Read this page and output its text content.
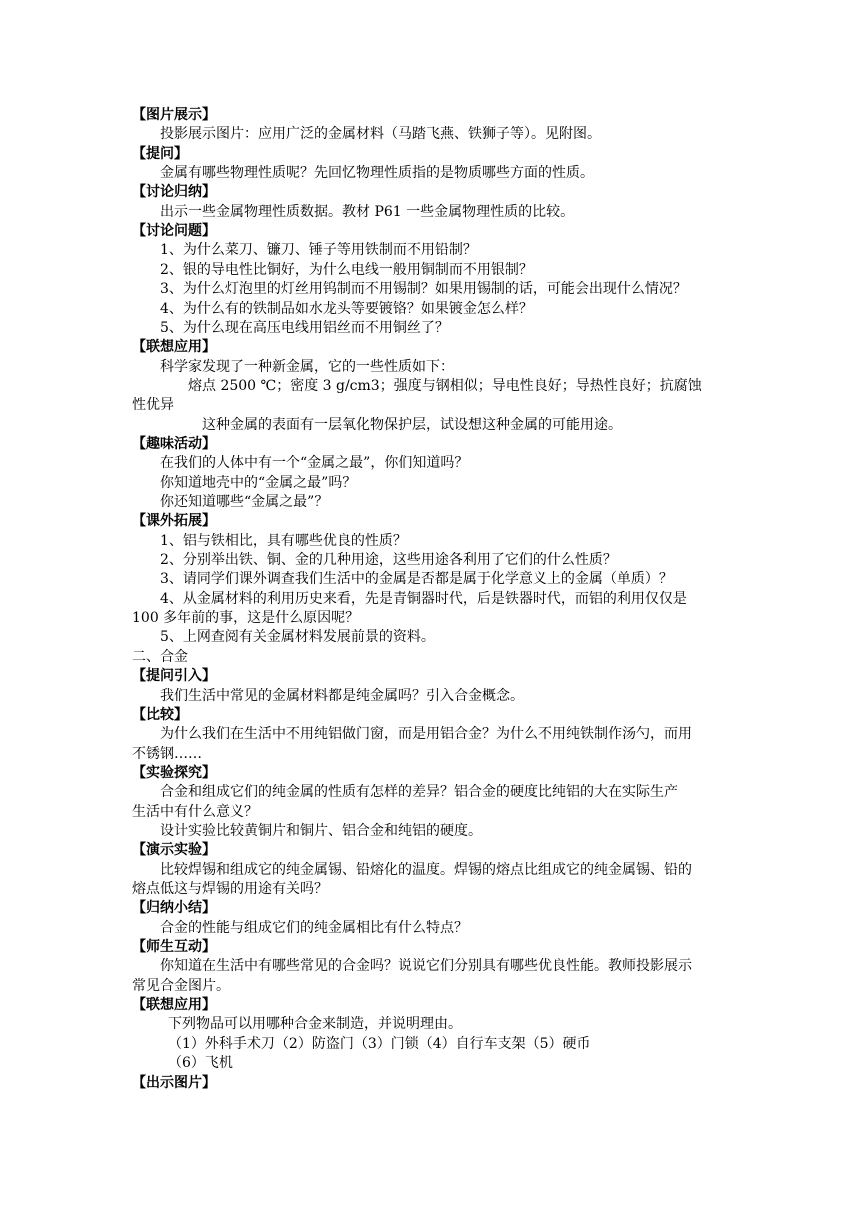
【图片展示】
投影展示图片：应用广泛的金属材料（马踏飞燕、铁狮子等）。见附图。
【提问】
金属有哪些物理性质呢？先回忆物理性质指的是物质哪些方面的性质。
【讨论归纳】
出示一些金属物理性质数据。教材 P61 一些金属物理性质的比较。
【讨论问题】
1、为什么菜刀、镰刀、锤子等用铁制而不用铅制？
2、银的导电性比铜好，为什么电线一般用铜制而不用银制？
3、为什么灯泡里的灯丝用钨制而不用锡制？如果用锡制的话，可能会出现什么情况？
4、为什么有的铁制品如水龙头等要镀铬？如果镀金怎么样？
5、为什么现在高压电线用铝丝而不用铜丝了？
【联想应用】
科学家发现了一种新金属，它的一些性质如下：
熔点 2500 ℃；密度 3 g/cm3；强度与钢相似；导电性良好；导热性良好；抗腐蚀
性优异
这种金属的表面有一层氧化物保护层，试设想这种金属的可能用途。
【趣味活动】
在我们的人体中有一个“金属之最”，你们知道吗？
你知道地壳中的“金属之最”吗？
你还知道哪些“金属之最”？
【课外拓展】
1、铝与铁相比，具有哪些优良的性质？
2、分别举出铁、铜、金的几种用途，这些用途各利用了它们的什么性质？
3、请同学们课外调查我们生活中的金属是否都是属于化学意义上的金属（单质）？
4、从金属材料的利用历史来看，先是青铜器时代，后是铁器时代，而铝的利用仅仅是
100 多年前的事，这是什么原因呢？
5、上网查阅有关金属材料发展前景的资料。
二、合金
【提问引入】
我们生活中常见的金属材料都是纯金属吗？引入合金概念。
【比较】
为什么我们在生活中不用纯铝做门窗，而是用铝合金？为什么不用纯铁制作汤勺，而用
不锈钢……
【实验探究】
合金和组成它们的纯金属的性质有怎样的差异？铝合金的硬度比纯铝的大在实际生产
生活中有什么意义？
设计实验比较黄铜片和铜片、铝合金和纯铝的硬度。
【演示实验】
比较焊锡和组成它的纯金属锡、铅熔化的温度。焊锡的熔点比组成它的纯金属锡、铅的
熔点低这与焊锡的用途有关吗？
【归纳小结】
合金的性能与组成它们的纯金属相比有什么特点？
【师生互动】
你知道在生活中有哪些常见的合金吗？说说它们分别具有哪些优良性能。教师投影展示
常见合金图片。
【联想应用】
下列物品可以用哪种合金来制造，并说明理由。
（1）外科手术刀（2）防盗门（3）门锁（4）自行车支架（5）硬币
（6）飞机
【出示图片】
